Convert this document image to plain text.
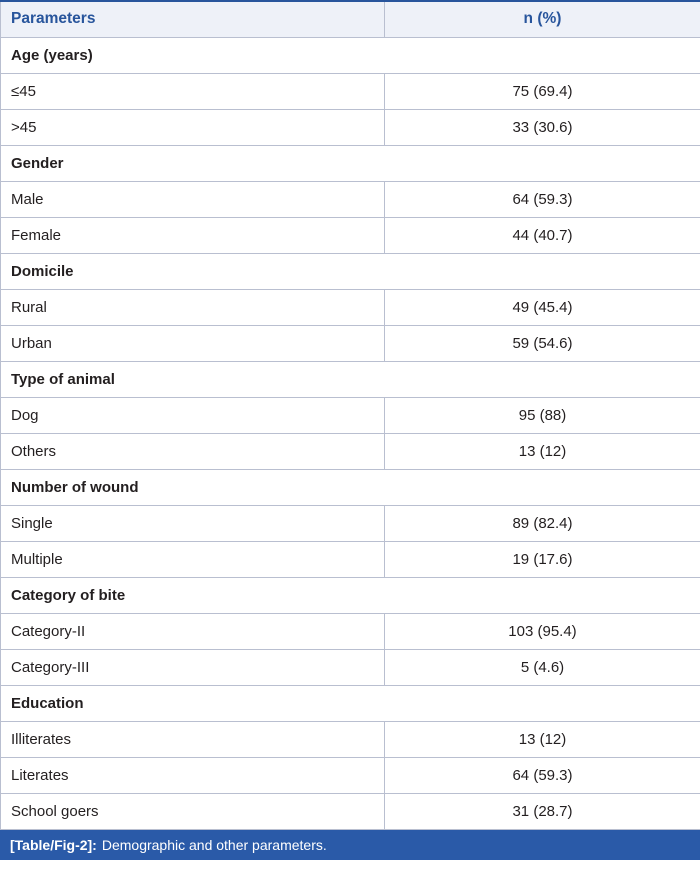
Parameters	n (%)
Age (years)	
≤45	75 (69.4)
>45	33 (30.6)
Gender	
Male	64 (59.3)
Female	44 (40.7)
Domicile	
Rural	49 (45.4)
Urban	59 (54.6)
Type of animal	
Dog	95 (88)
Others	13 (12)
Number of wound	
Single	89 (82.4)
Multiple	19 (17.6)
Category of bite	
Category-II	103 (95.4)
Category-III	5 (4.6)
Education	
Illiterates	13 (12)
Literates	64 (59.3)
School goers	31 (28.7)
[Table/Fig-2]: Demographic and other parameters.
